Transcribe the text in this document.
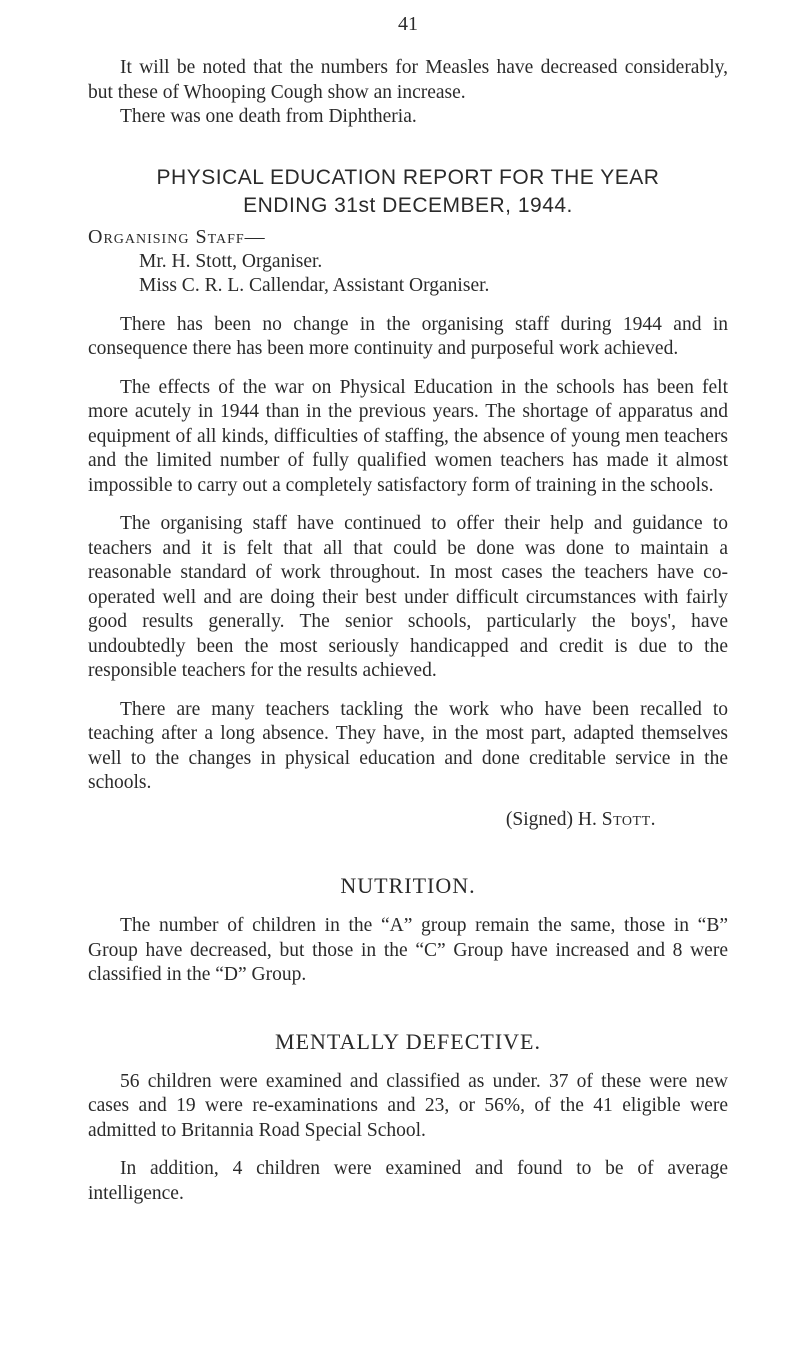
41

It will be noted that the numbers for Measles have decreased considerably, but these of Whooping Cough show an increase.

There was one death from Diphtheria.

PHYSICAL EDUCATION REPORT FOR THE YEAR
ENDING 31st DECEMBER, 1944.
Organising Staff—
Mr. H. Stott, Organiser.
Miss C. R. L. Callendar, Assistant Organiser.

There has been no change in the organising staff during 1944 and in consequence there has been more continuity and purposeful work achieved.

The effects of the war on Physical Education in the schools has been felt more acutely in 1944 than in the previous years. The shortage of apparatus and equipment of all kinds, difficulties of staffing, the absence of young men teachers and the limited number of fully qualified women teachers has made it almost impossible to carry out a completely satisfactory form of training in the schools.

The organising staff have continued to offer their help and guidance to teachers and it is felt that all that could be done was done to maintain a reasonable standard of work throughout. In most cases the teachers have co-operated well and are doing their best under difficult circumstances with fairly good results generally. The senior schools, particularly the boys', have undoubtedly been the most seriously handicapped and credit is due to the responsible teachers for the results achieved.

There are many teachers tackling the work who have been recalled to teaching after a long absence. They have, in the most part, adapted themselves well to the changes in physical education and done creditable service in the schools.

(Signed) H. Stott.
NUTRITION.

The number of children in the “A” group remain the same, those in “B” Group have decreased, but those in the “C” Group have increased and 8 were classified in the “D” Group.

MENTALLY DEFECTIVE.

56 children were examined and classified as under. 37 of these were new cases and 19 were re-examinations and 23, or 56%, of the 41 eligible were admitted to Britannia Road Special School.

In addition, 4 children were examined and found to be of average intelligence.
